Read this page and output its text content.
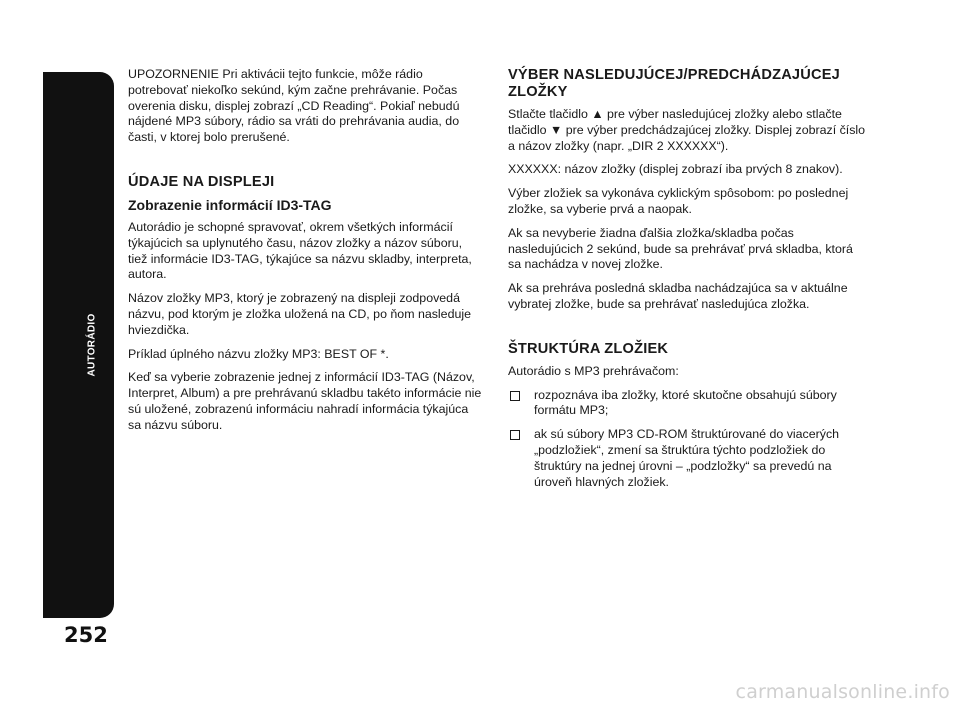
AUTORÁDIO
252

UPOZORNENIE Pri aktivácii tejto funkcie, môže rádio potrebovať niekoľko sekúnd, kým začne prehrávanie. Počas overenia disku, displej zobrazí „CD Reading“. Pokiaľ nebudú nájdené MP3 súbory, rádio sa vráti do prehrávania audia, do časti, v ktorej bolo prerušené.

ÚDAJE NA DISPLEJI
Zobrazenie informácií ID3-TAG

Autorádio je schopné spravovať, okrem všetkých informácií týkajúcich sa uplynutého času, názov zložky a názov súboru, tiež informácie ID3-TAG, týkajúce sa názvu skladby, interpreta, autora.

Názov zložky MP3, ktorý je zobrazený na displeji zodpovedá názvu, pod ktorým je zložka uložená na CD, po ňom nasleduje hviezdička.

Príklad úplného názvu zložky MP3: BEST OF *.

Keď sa vyberie zobrazenie jednej z informácií ID3-TAG (Názov, Interpret, Album) a pre prehrávanú skladbu takéto informácie nie sú uložené, zobrazenú informáciu nahradí informácia týkajúca sa názvu súboru.

VÝBER NASLEDUJÚCEJ/PREDCHÁDZAJÚCEJ ZLOŽKY

Stlačte tlačidlo ▲ pre výber nasledujúcej zložky alebo stlačte tlačidlo ▼ pre výber predchádzajúcej zložky. Displej zobrazí číslo a názov zložky (napr. „DIR 2 XXXXXX“).

XXXXXX: názov zložky (displej zobrazí iba prvých 8 znakov).

Výber zložiek sa vykonáva cyklickým spôsobom: po poslednej zložke, sa vyberie prvá a naopak.

Ak sa nevyberie žiadna ďalšia zložka/skladba počas nasledujúcich 2 sekúnd, bude sa prehrávať prvá skladba, ktorá sa nachádza v novej zložke.

Ak sa prehráva posledná skladba nachádzajúca sa v aktuálne vybratej zložke, bude sa prehrávať nasledujúca zložka.

ŠTRUKTÚRA ZLOŽIEK

Autorádio s MP3 prehrávačom:

rozpoznáva iba zložky, ktoré skutočne obsahujú súbory formátu MP3;
ak sú súbory MP3 CD-ROM štruktúrované do viacerých „podzložiek“, zmení sa štruktúra týchto podzložiek do štruktúry na jednej úrovni – „podzložky“ sa prevedú na úroveň hlavných zložiek.
carmanualsonline.info
